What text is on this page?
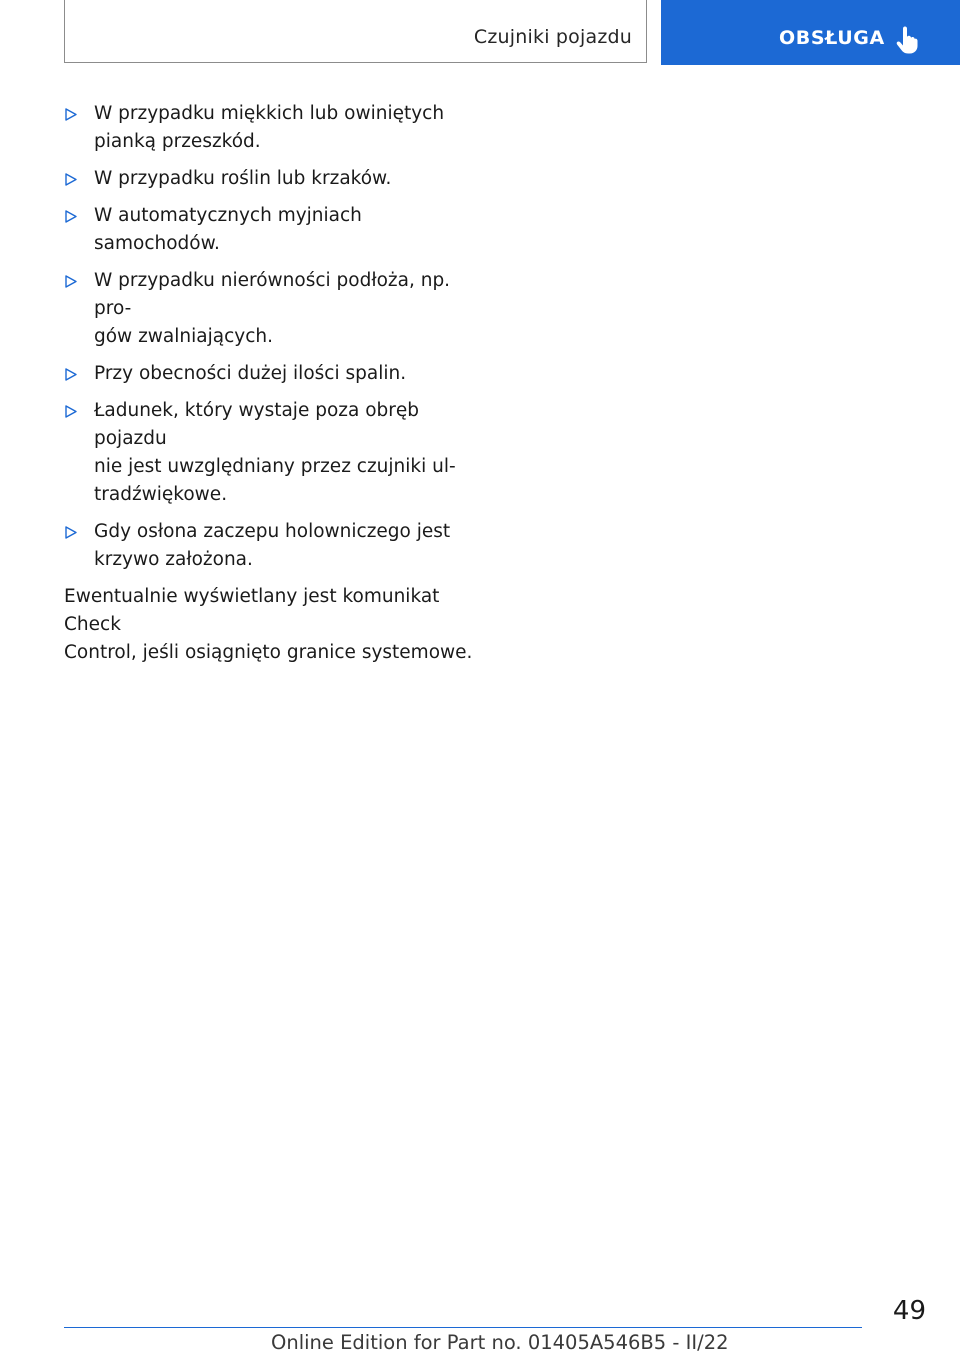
Czujniki pojazdu	OBSŁUGA
W przypadku miękkich lub owiniętych
pianką przeszkód.
W przypadku roślin lub krzaków.
W automatycznych myjniach samochodów.
W przypadku nierówności podłoża, np. pro-
gów zwalniających.
Przy obecności dużej ilości spalin.
Ładunek, który wystaje poza obręb pojazdu
nie jest uwzględniany przez czujniki ul-
tradźwiękowe.
Gdy osłona zaczepu holowniczego jest
krzywo założona.

Ewentualnie wyświetlany jest komunikat Check
Control, jeśli osiągnięto granice systemowe.

49
Online Edition for Part no. 01405A546B5 - II/22
